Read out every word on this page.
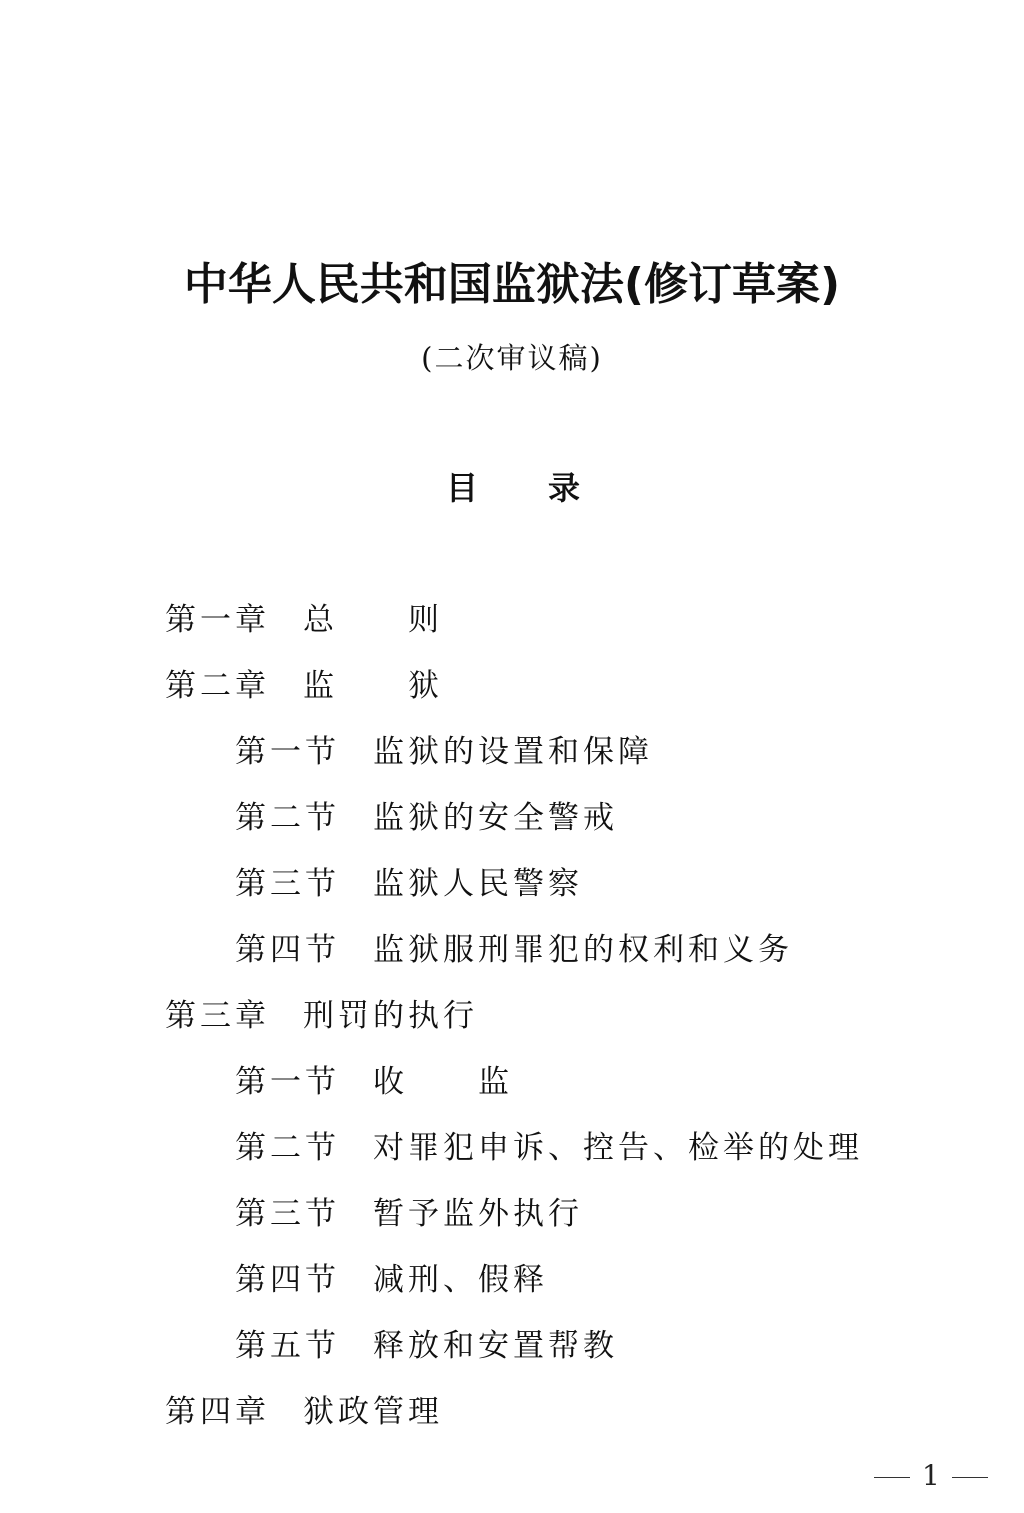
中华人民共和国监狱法(修订草案)
(二次审议稿)
目 录
第一章 总　　则
第二章 监　　狱
第一节 监狱的设置和保障
第二节 监狱的安全警戒
第三节 监狱人民警察
第四节 监狱服刑罪犯的权利和义务
第三章 刑罚的执行
第一节 收　　监
第二节 对罪犯申诉、控告、检举的处理
第三节 暂予监外执行
第四节 减刑、假释
第五节 释放和安置帮教
第四章 狱政管理
1
